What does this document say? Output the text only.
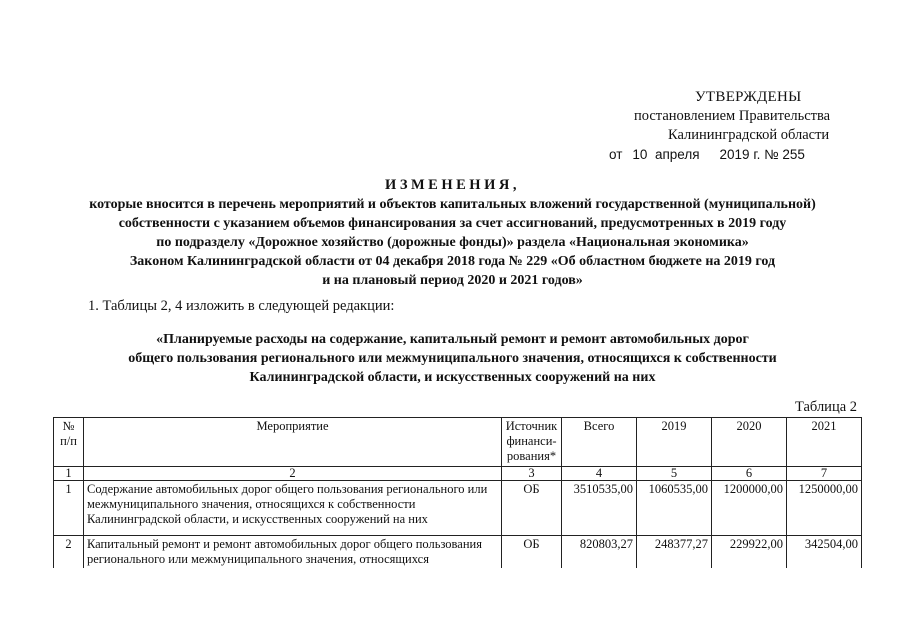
УТВЕРЖДЕНЫ
постановлением Правительства
Калининградской области
от 10 апреля 2019 г. № 255
ИЗМЕНЕНИЯ,
которые вносится в перечень мероприятий и объектов капитальных вложений государственной (муниципальной)
собственности с указанием объемов финансирования за счет ассигнований, предусмотренных в 2019 году
по подразделу «Дорожное хозяйство (дорожные фонды)» раздела «Национальная экономика»
Законом Калининградской области от 04 декабря 2018 года № 229 «Об областном бюджете на 2019 год
и на плановый период 2020 и 2021 годов»
1. Таблицы 2, 4 изложить в следующей редакции:
«Планируемые расходы на содержание, капитальный ремонт и ремонт автомобильных дорог
общего пользования регионального или межмуниципального значения, относящихся к собственности
Калининградской области, и искусственных сооружений на них
Таблица 2
№ п/п	Мероприятие	Источник финанси-рования*	Всего	2019	2020	2021
1	2	3	4	5	6	7
1	Содержание автомобильных дорог общего пользования регионального или межмуниципального значения, относящихся к собственности Калининградской области, и искусственных сооружений на них	ОБ	3510535,00	1060535,00	1200000,00	1250000,00
2	Капитальный ремонт и ремонт автомобильных дорог общего пользования регионального или межмуниципального значения, относящихся	ОБ	820803,27	248377,27	229922,00	342504,00
